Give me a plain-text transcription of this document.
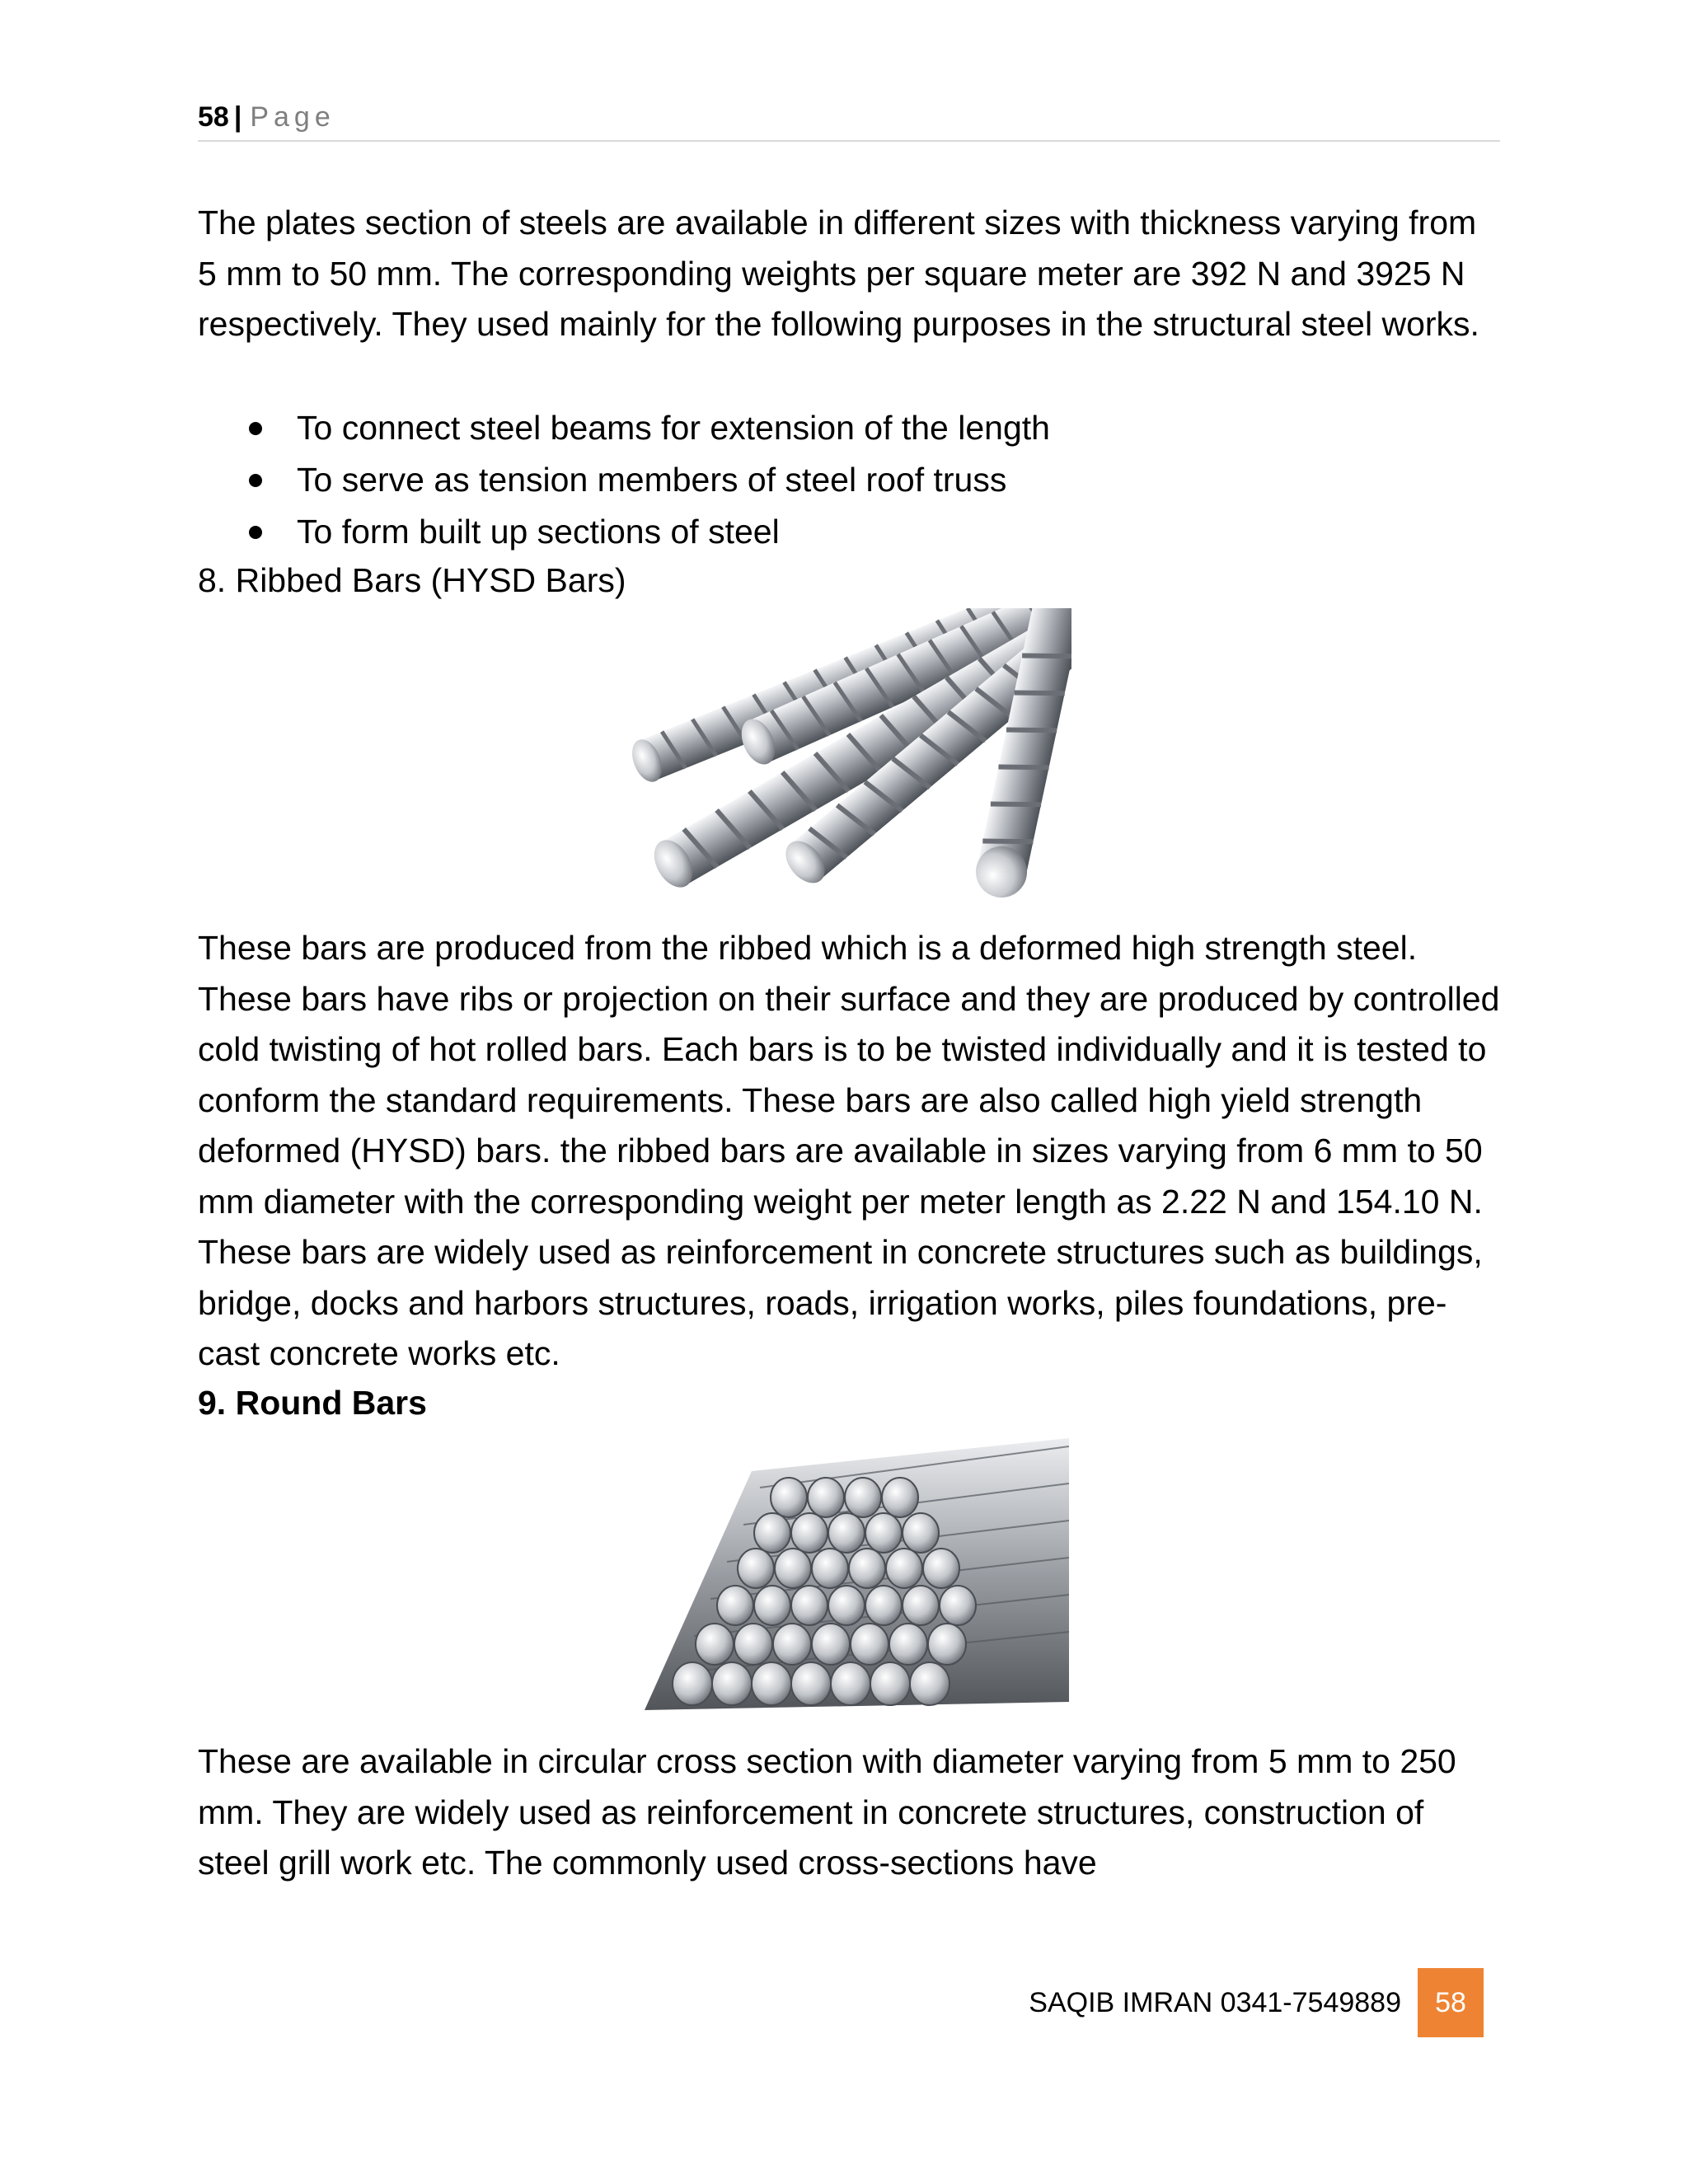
58 | Page

The plates section of steels are available in different sizes with thickness varying from 5 mm to 50 mm. The corresponding weights per square meter are 392 N and 3925 N respectively. They used mainly for the following purposes in the structural steel works.

To connect steel beams for extension of the length
To serve as tension members of steel roof truss
To form built up sections of steel

8. Ribbed Bars (HYSD Bars)

These bars are produced from the ribbed which is a deformed high strength steel. These bars have ribs or projection on their surface and they are produced by controlled cold twisting of hot rolled bars. Each bars is to be twisted individually and it is tested to conform the standard requirements. These bars are also called high yield strength deformed (HYSD) bars. the ribbed bars are available in sizes varying from 6 mm to 50 mm diameter with the corresponding weight per meter length as 2.22 N and 154.10 N. These bars are widely used as reinforcement in concrete structures such as buildings, bridge, docks and harbors structures, roads, irrigation works, piles foundations, pre-cast concrete works etc.

9. Round Bars

These are available in circular cross section with diameter varying from 5 mm to 250 mm. They are widely used as reinforcement in concrete structures, construction of steel grill work etc. The commonly used cross-sections have

SAQIB IMRAN 0341-7549889	58
